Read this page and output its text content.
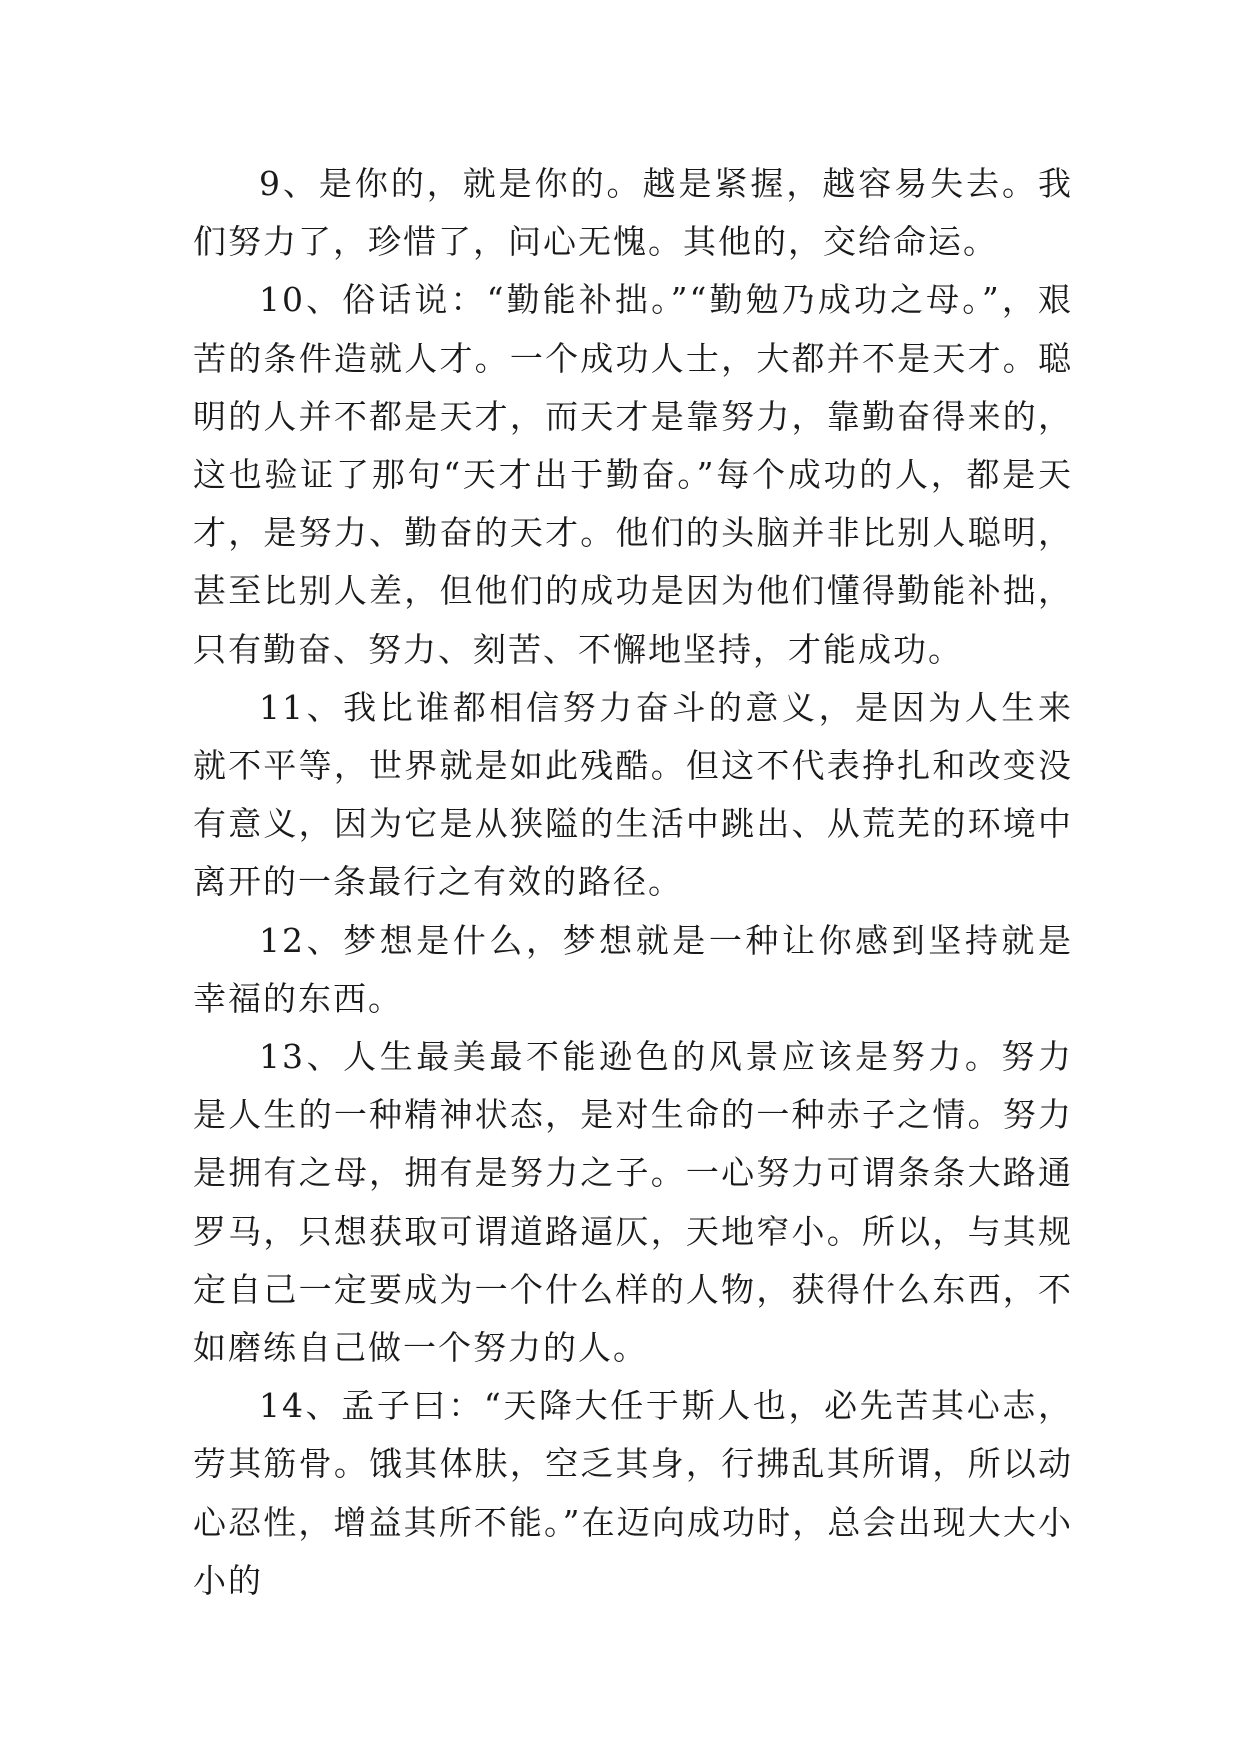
9、是你的，就是你的。越是紧握，越容易失去。我们努力了，珍惜了，问心无愧。其他的，交给命运。

10、俗话说：“勤能补拙。”“勤勉乃成功之母。”，艰苦的条件造就人才。一个成功人士，大都并不是天才。聪明的人并不都是天才，而天才是靠努力，靠勤奋得来的，这也验证了那句“天才出于勤奋。”每个成功的人，都是天才，是努力、勤奋的天才。他们的头脑并非比别人聪明，甚至比别人差，但他们的成功是因为他们懂得勤能补拙，只有勤奋、努力、刻苦、不懈地坚持，才能成功。

11、我比谁都相信努力奋斗的意义，是因为人生来就不平等，世界就是如此残酷。但这不代表挣扎和改变没有意义，因为它是从狭隘的生活中跳出、从荒芜的环境中离开的一条最行之有效的路径。

12、梦想是什么，梦想就是一种让你感到坚持就是幸福的东西。

13、人生最美最不能逊色的风景应该是努力。努力是人生的一种精神状态，是对生命的一种赤子之情。努力是拥有之母，拥有是努力之子。一心努力可谓条条大路通罗马，只想获取可谓道路逼仄，天地窄小。所以，与其规定自己一定要成为一个什么样的人物，获得什么东西，不如磨练自己做一个努力的人。

14、孟子曰：“天降大任于斯人也，必先苦其心志，劳其筋骨。饿其体肤，空乏其身，行拂乱其所谓，所以动心忍性，增益其所不能。”在迈向成功时，总会出现大大小小的
